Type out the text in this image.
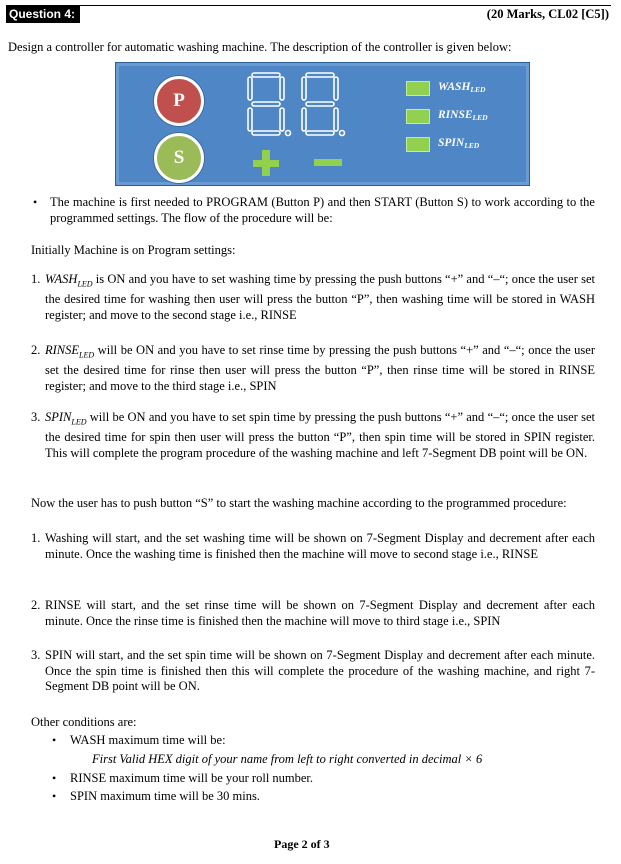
Question 4:	(20 Marks, CL02 [C5])
Design a controller for automatic washing machine. The description of the controller is given below:
P
S
$WASH_{LED}$
$RINSE_{LED}$
$SPIN_{LED}$
• The machine is first needed to PROGRAM (Button P) and then START (Button S) to work according to the programmed settings. The flow of the procedure will be:
Initially Machine is on Program settings:
1. $WASH_{LED}$ is ON and you have to set washing time by pressing the push buttons “+” and “–“; once the user set the desired time for washing then user will press the button “P”, then washing time will be stored in WASH register; and move to the second stage i.e., RINSE
2. $RINSE_{LED}$ will be ON and you have to set rinse time by pressing the push buttons “+” and “–“; once the user set the desired time for rinse then user will press the button “P”, then rinse time will be stored in RINSE register; and move to the third stage i.e., SPIN
3. $SPIN_{LED}$ will be ON and you have to set spin time by pressing the push buttons “+” and “–“; once the user set the desired time for spin then user will press the button “P”, then spin time will be stored in SPIN register. This will complete the program procedure of the washing machine and left 7-Segment DB point will be ON.
Now the user has to push button “S” to start the washing machine according to the programmed procedure:
1. Washing will start, and the set washing time will be shown on 7-Segment Display and decrement after each minute. Once the washing time is finished then the machine will move to second stage i.e., RINSE
2. RINSE will start, and the set rinse time will be shown on 7-Segment Display and decrement after each minute. Once the rinse time is finished then the machine will move to third stage i.e., SPIN
3. SPIN will start, and the set spin time will be shown on 7-Segment Display and decrement after each minute. Once the spin time is finished then this will complete the procedure of the washing machine, and right 7-Segment DB point will be ON.
Other conditions are:
• WASH maximum time will be:
First Valid HEX digit of your name from left to right converted in decimal × 6
• RINSE maximum time will be your roll number.
• SPIN maximum time will be 30 mins.
Page 2 of 3
